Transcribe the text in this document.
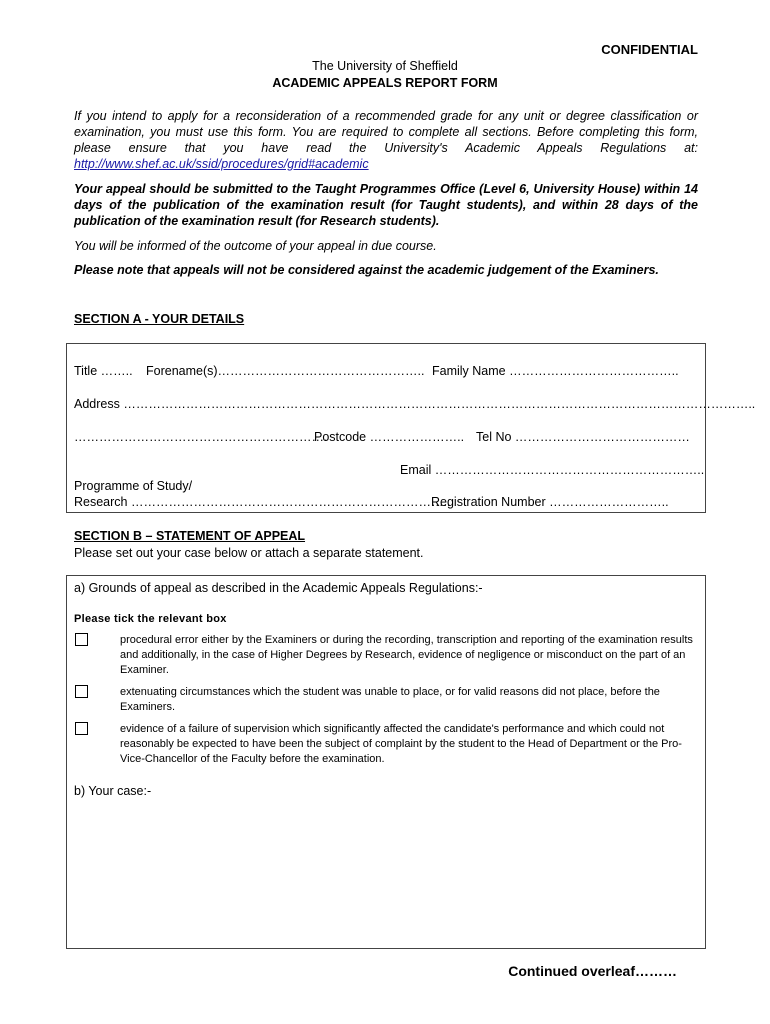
CONFIDENTIAL
The University of Sheffield
ACADEMIC APPEALS REPORT FORM
If you intend to apply for a reconsideration of a recommended grade for any unit or degree classification or examination, you must use this form. You are required to complete all sections. Before completing this form, please ensure that you have read the University's Academic Appeals Regulations at: http://www.shef.ac.uk/ssid/procedures/grid#academic
Your appeal should be submitted to the Taught Programmes Office (Level 6, University House) within 14 days of the publication of the examination result (for Taught students), and within 28 days of the publication of the examination result (for Research students).
You will be informed of the outcome of your appeal in due course.
Please note that appeals will not be considered against the academic judgement of the Examiners.
SECTION A - YOUR DETAILS
Title …….. Forename(s)………………………………………….. Family Name …………………………………..
Address ……………………………………………………………………………………………………………………………………..
…………………………………………………….
Postcode ………………….. Tel No ……………………………………
Email ………………………………………………………..
Programme of Study/
Research …………………………………………………………………..
Registration Number ………………………..
SECTION B – STATEMENT OF APPEAL
Please set out your case below or attach a separate statement.
a) Grounds of appeal as described in the Academic Appeals Regulations:-
Please tick the relevant box
procedural error either by the Examiners or during the recording, transcription and reporting of the examination results and additionally, in the case of Higher Degrees by Research, evidence of negligence or misconduct on the part of an Examiner.
extenuating circumstances which the student was unable to place, or for valid reasons did not place, before the Examiners.
evidence of a failure of supervision which significantly affected the candidate's performance and which could not reasonably be expected to have been the subject of complaint by the student to the Head of Department or the Pro-Vice-Chancellor of the Faculty before the examination.
b) Your case:-
Continued overleaf………
